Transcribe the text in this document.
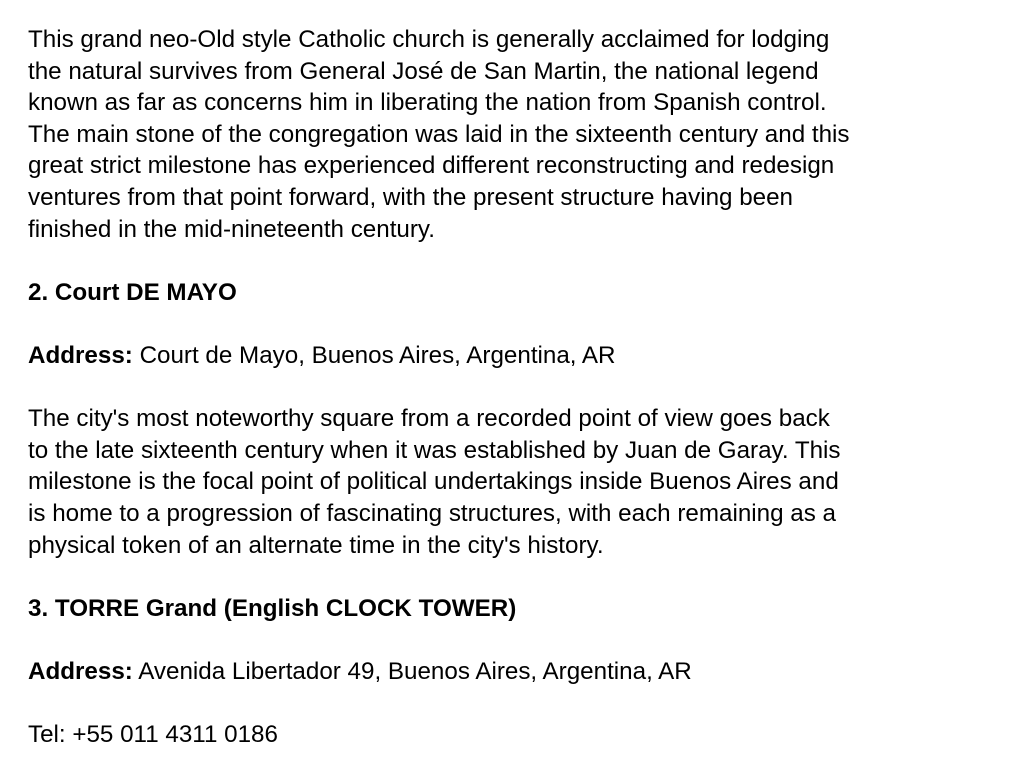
This grand neo-Old style Catholic church is generally acclaimed for lodging
the natural survives from General José de San Martin, the national legend
known as far as concerns him in liberating the nation from Spanish control.
The main stone of the congregation was laid in the sixteenth century and this
great strict milestone has experienced different reconstructing and redesign
ventures from that point forward, with the present structure having been
finished in the mid-nineteenth century.
2. Court DE MAYO
Address: Court de Mayo, Buenos Aires, Argentina, AR
The city's most noteworthy square from a recorded point of view goes back
to the late sixteenth century when it was established by Juan de Garay. This
milestone is the focal point of political undertakings inside Buenos Aires and
is home to a progression of fascinating structures, with each remaining as a
physical token of an alternate time in the city's history.
3. TORRE Grand (English CLOCK TOWER)
Address: Avenida Libertador 49, Buenos Aires, Argentina, AR
Tel: +55 011 4311 0186
